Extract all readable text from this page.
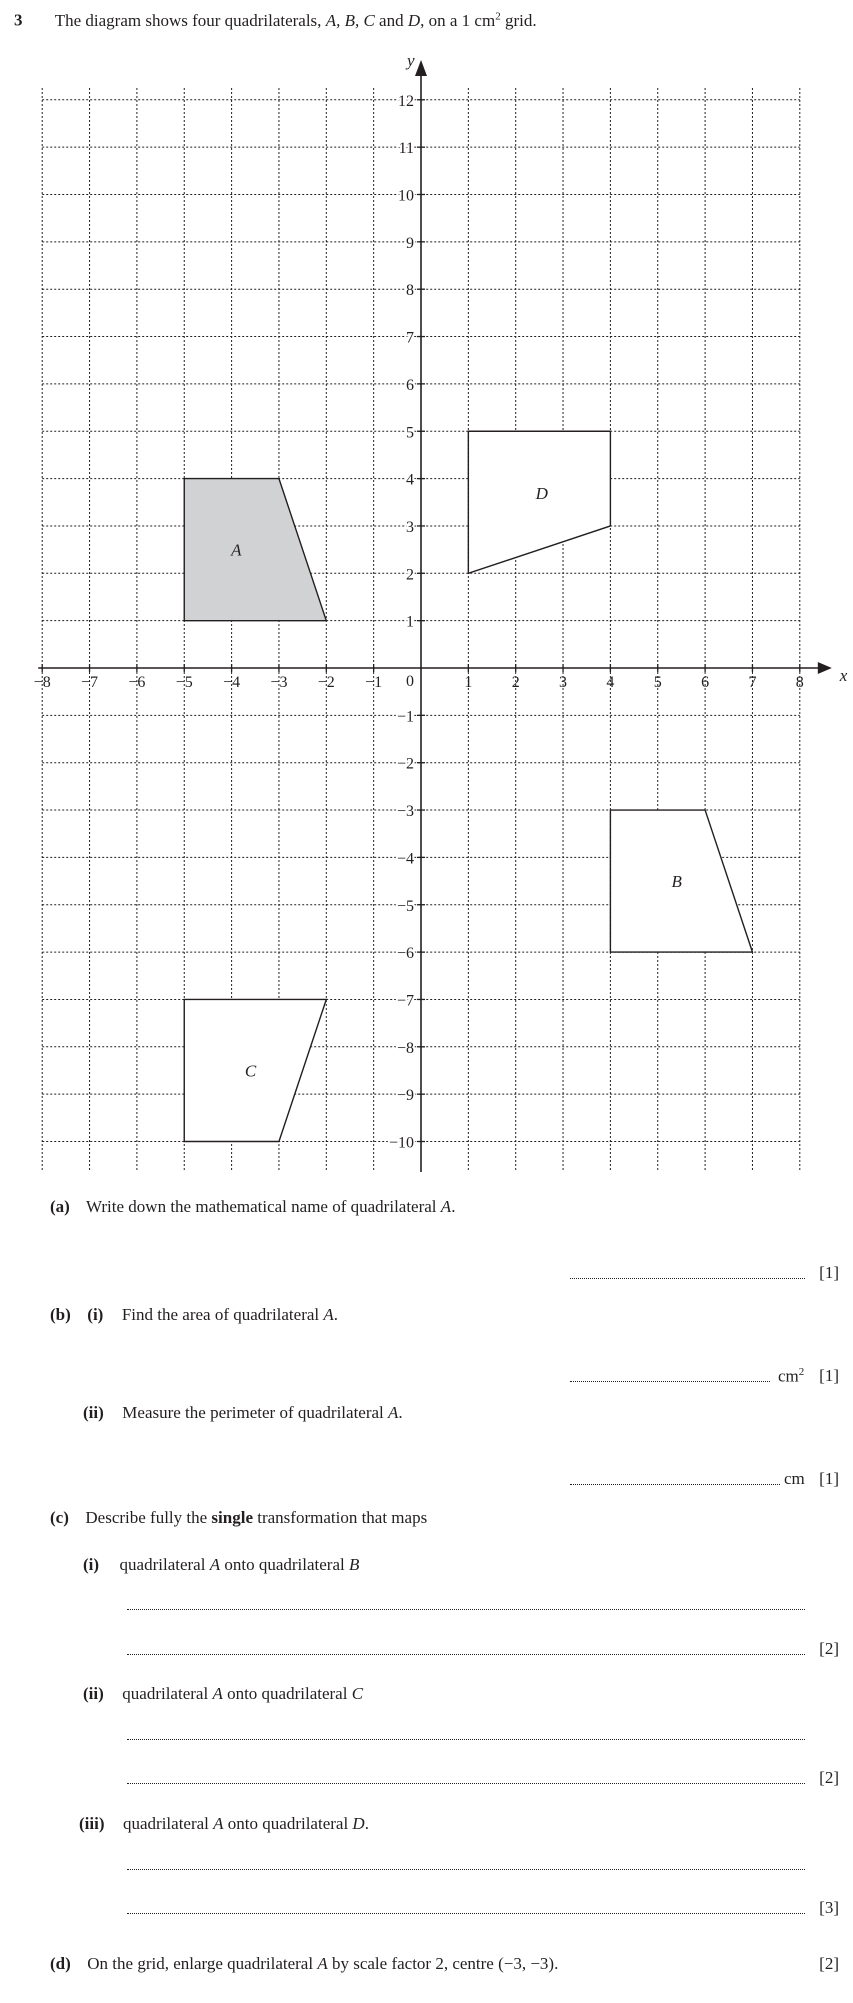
3 The diagram shows four quadrilaterals, A, B, C and D, on a 1 $cm^2$ grid.
A
B
C
D
x
y
0
−8 −7 −6 −5 −4 −3 −2 −1	1 2 3 4 5 6 7 8
12
11
10
9
8
7
6
5
4
3
2
1
−1
−2
−3
−4
−5
−6
−7
−8
−9
−10
(a) Write down the mathematical name of quadrilateral A.
[1]
(b) (i) Find the area of quadrilateral A.
$cm^2$ [1]
(ii) Measure the perimeter of quadrilateral A.
cm [1]
(c) Describe fully the single transformation that maps
(i) quadrilateral A onto quadrilateral B
[2]
(ii) quadrilateral A onto quadrilateral C
[2]
(iii) quadrilateral A onto quadrilateral D.
[3]
(d) On the grid, enlarge quadrilateral A by scale factor 2, centre (−3, −3).	[2]
